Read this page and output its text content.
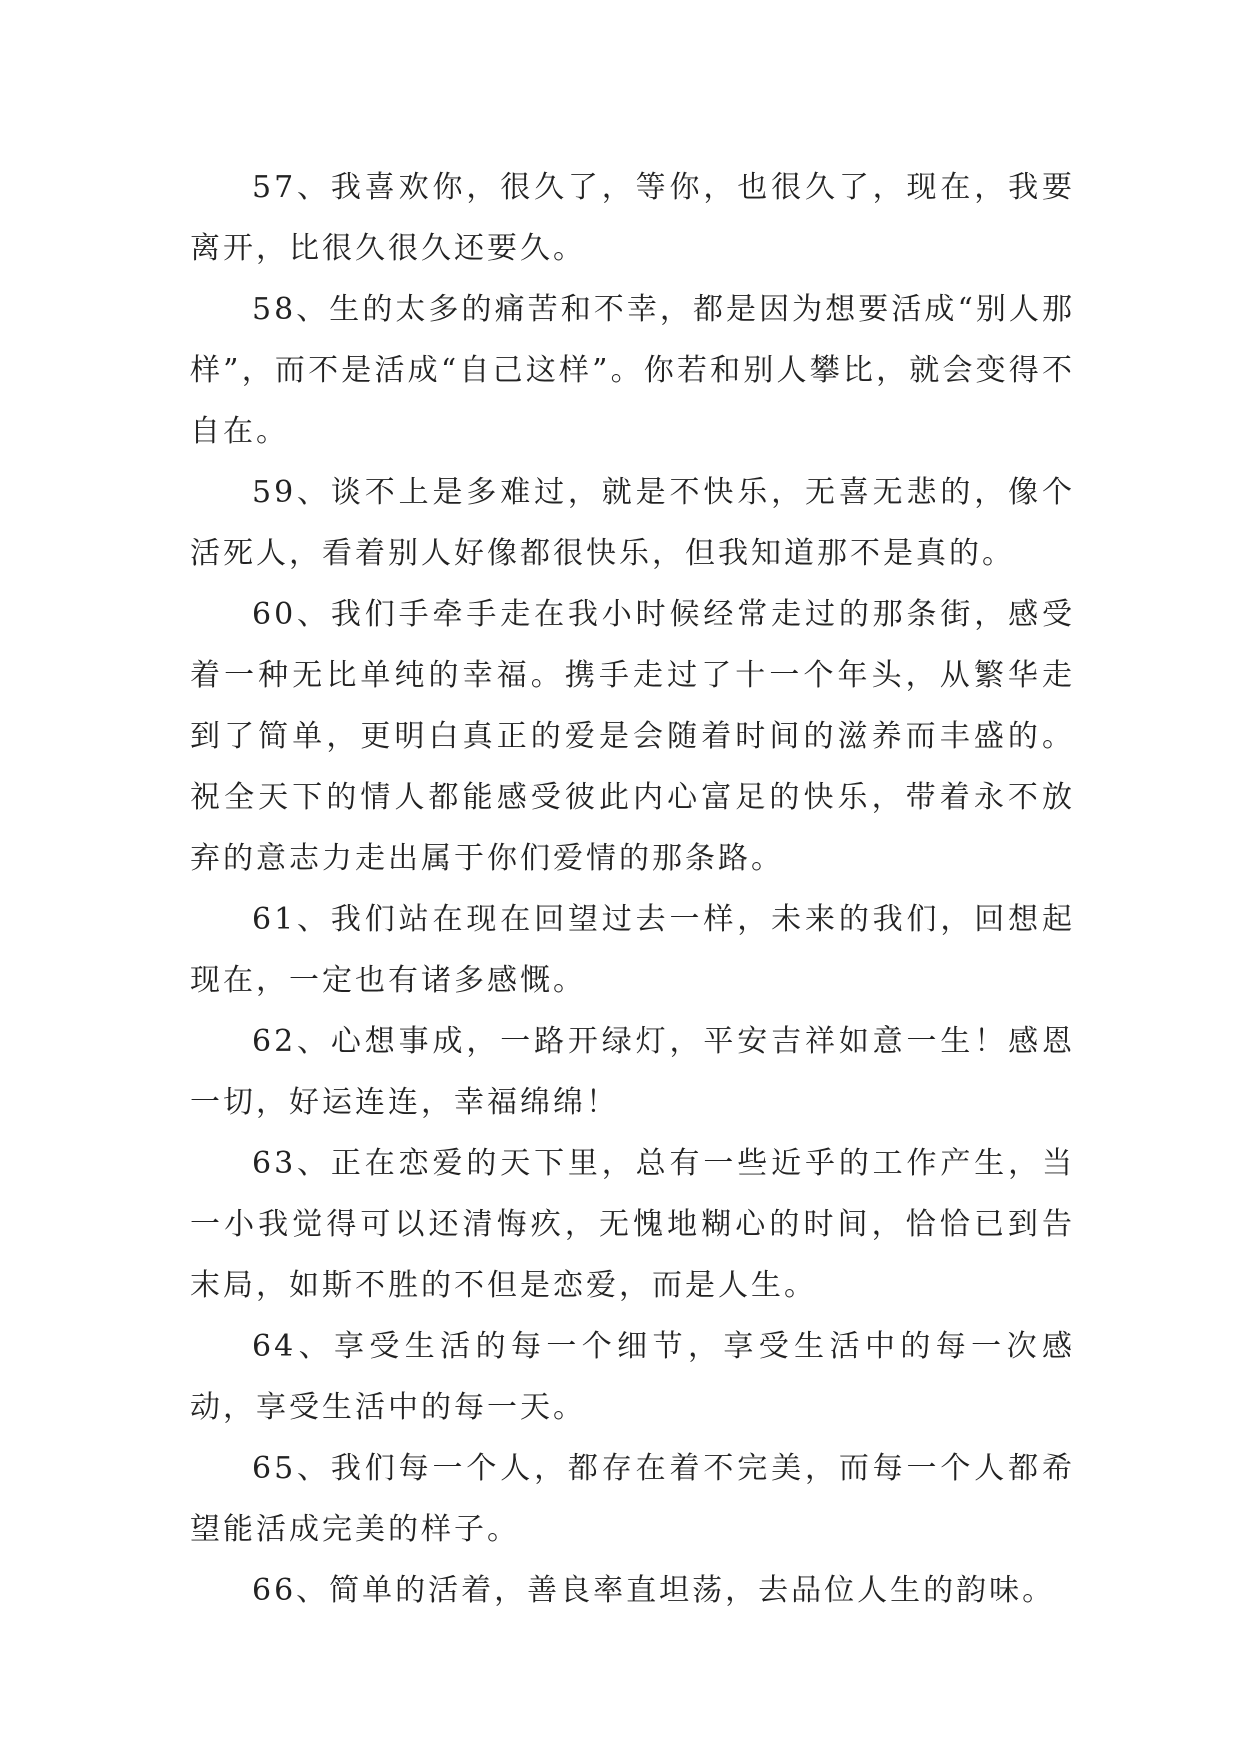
57、我喜欢你，很久了，等你，也很久了，现在，我要离开，比很久很久还要久。

58、生的太多的痛苦和不幸，都是因为想要活成“别人那样”，而不是活成“自己这样”。你若和别人攀比，就会变得不自在。

59、谈不上是多难过，就是不快乐，无喜无悲的，像个活死人，看着别人好像都很快乐，但我知道那不是真的。

60、我们手牵手走在我小时候经常走过的那条街，感受着一种无比单纯的幸福。携手走过了十一个年头，从繁华走到了简单，更明白真正的爱是会随着时间的滋养而丰盛的。祝全天下的情人都能感受彼此内心富足的快乐，带着永不放弃的意志力走出属于你们爱情的那条路。

61、我们站在现在回望过去一样，未来的我们，回想起现在，一定也有诸多感慨。

62、心想事成，一路开绿灯，平安吉祥如意一生！感恩一切，好运连连，幸福绵绵！

63、正在恋爱的天下里，总有一些近乎的工作产生，当一小我觉得可以还清悔疚，无愧地糊心的时间，恰恰已到告末局，如斯不胜的不但是恋爱，而是人生。

64、享受生活的每一个细节，享受生活中的每一次感动，享受生活中的每一天。

65、我们每一个人，都存在着不完美，而每一个人都希望能活成完美的样子。

66、简单的活着，善良率直坦荡，去品位人生的韵味。
